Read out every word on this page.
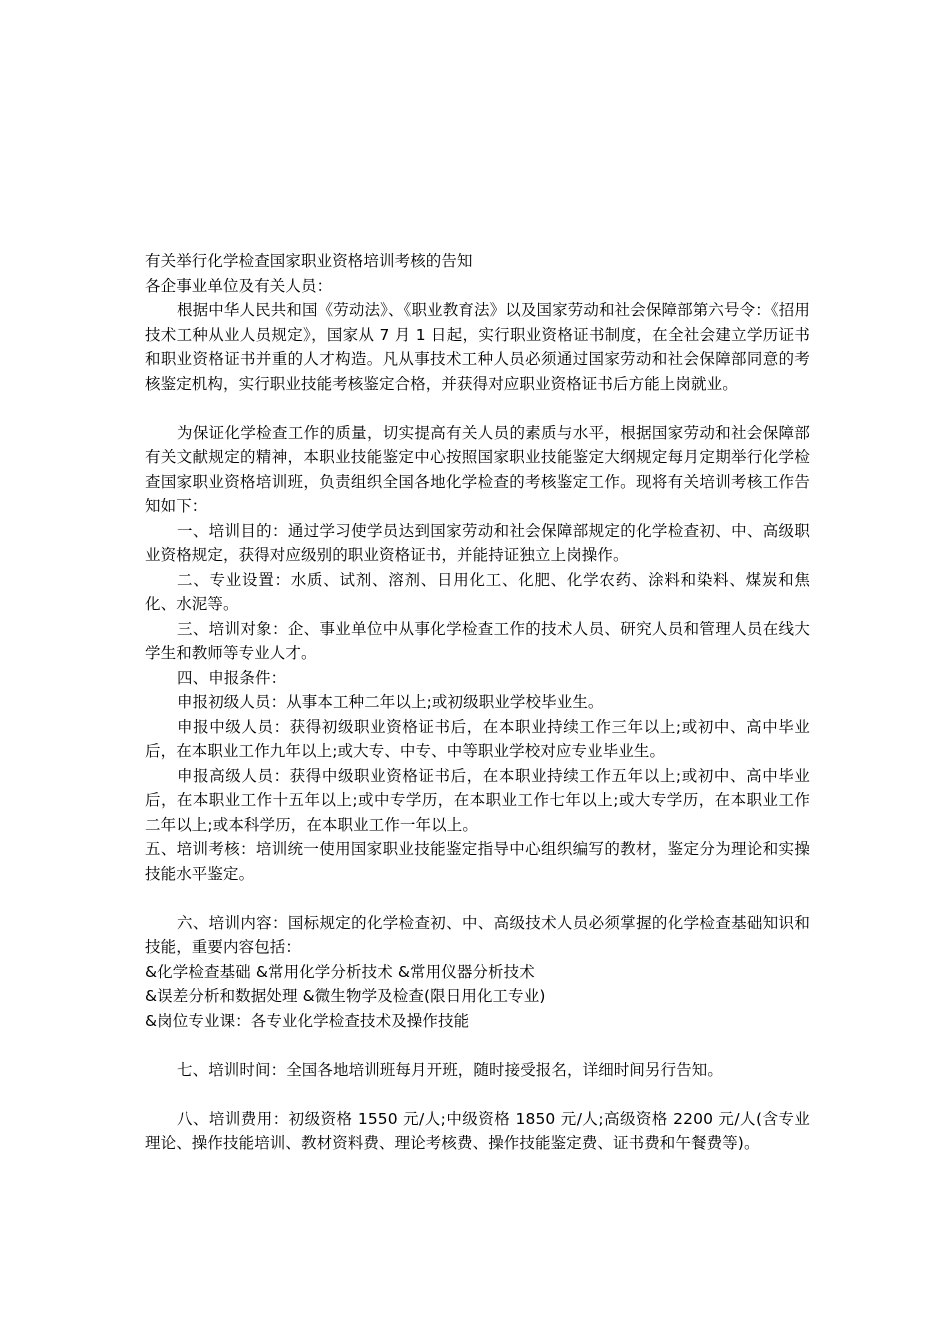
有关举行化学检查国家职业资格培训考核的告知

各企事业单位及有关人员：

根据中华人民共和国《劳动法》、《职业教育法》以及国家劳动和社会保障部第六号令：《招用技术工种从业人员规定》，国家从 7 月 1 日起，实行职业资格证书制度，在全社会建立学历证书和职业资格证书并重的人才构造。凡从事技术工种人员必须通过国家劳动和社会保障部同意的考核鉴定机构，实行职业技能考核鉴定合格，并获得对应职业资格证书后方能上岗就业。

为保证化学检查工作的质量，切实提高有关人员的素质与水平，根据国家劳动和社会保障部有关文献规定的精神，本职业技能鉴定中心按照国家职业技能鉴定大纲规定每月定期举行化学检查国家职业资格培训班，负责组织全国各地化学检查的考核鉴定工作。现将有关培训考核工作告知如下：

一、培训目的：通过学习使学员达到国家劳动和社会保障部规定的化学检查初、中、高级职业资格规定，获得对应级别的职业资格证书，并能持证独立上岗操作。

二、专业设置：水质、试剂、溶剂、日用化工、化肥、化学农药、涂料和染料、煤炭和焦化、水泥等。

三、培训对象：企、事业单位中从事化学检查工作的技术人员、研究人员和管理人员在线大学生和教师等专业人才。

四、申报条件：

申报初级人员：从事本工种二年以上;或初级职业学校毕业生。

申报中级人员：获得初级职业资格证书后，在本职业持续工作三年以上;或初中、高中毕业后，在本职业工作九年以上;或大专、中专、中等职业学校对应专业毕业生。

申报高级人员：获得中级职业资格证书后，在本职业持续工作五年以上;或初中、高中毕业后，在本职业工作十五年以上;或中专学历，在本职业工作七年以上;或大专学历，在本职业工作二年以上;或本科学历，在本职业工作一年以上。

五、培训考核：培训统一使用国家职业技能鉴定指导中心组织编写的教材，鉴定分为理论和实操技能水平鉴定。

六、培训内容：国标规定的化学检查初、中、高级技术人员必须掌握的化学检查基础知识和技能，重要内容包括：

&化学检查基础 &常用化学分析技术 &常用仪器分析技术

&误差分析和数据处理 &微生物学及检查(限日用化工专业)

&岗位专业课：各专业化学检查技术及操作技能

七、培训时间：全国各地培训班每月开班，随时接受报名，详细时间另行告知。

八、培训费用：初级资格 1550 元/人;中级资格 1850 元/人;高级资格 2200 元/人(含专业理论、操作技能培训、教材资料费、理论考核费、操作技能鉴定费、证书费和午餐费等)。
